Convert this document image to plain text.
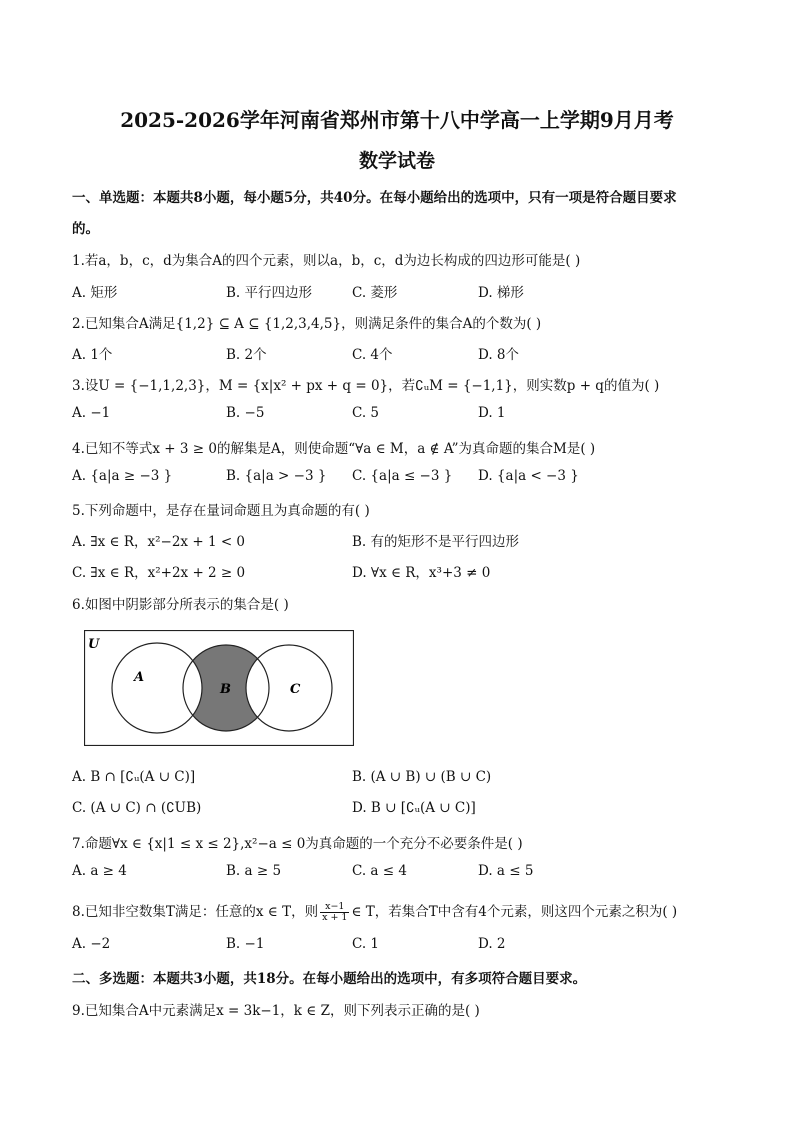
2025-2026学年河南省郑州市第十八中学高一上学期9月月考
数学试卷
一、单选题：本题共8小题，每小题5分，共40分。在每小题给出的选项中，只有一项是符合题目要求
的。
1.若a，b，c，d为集合A的四个元素，则以a，b，c，d为边长构成的四边形可能是( )
A. 矩形	B. 平行四边形	C. 菱形	D. 梯形
2.已知集合A满足{1,2} ⊆ A ⊆ {1,2,3,4,5}，则满足条件的集合A的个数为( )
A. 1个	B. 2个	C. 4个	D. 8个
3.设U = {−1,1,2,3}，M = {x|x² + px + q = 0}，若∁ᵤM = {−1,1}，则实数p + q的值为( )
A. −1	B. −5	C. 5	D. 1
4.已知不等式x + 3 ≥ 0的解集是A，则使命题“∀a ∈ M，a ∉ A”为真命题的集合M是( )
A. {a|a ≥ −3 }	B. {a|a > −3 } C. {a|a ≤ −3 } D. {a|a < −3 }
5.下列命题中，是存在量词命题且为真命题的有( )
A. ∃x ∈ R，x²−2x + 1 < 0	B. 有的矩形不是平行四边形
C. ∃x ∈ R，x²+2x + 2 ≥ 0	D. ∀x ∈ R，x³+3 ≠ 0
6.如图中阴影部分所表示的集合是( )
U
A
B	C
A. B ∩ [∁ᵤ(A ∪ C)]	B. (A ∪ B) ∪ (B ∪ C)
C. (A ∪ C) ∩ (∁UB)	D. B ∪ [∁ᵤ(A ∪ C)]
7.命题∀x ∈ {x|1 ≤ x ≤ 2},x²−a ≤ 0为真命题的一个充分不必要条件是( )
A. a ≥ 4	B. a ≥ 5	C. a ≤ 4	D. a ≤ 5
8.已知非空数集T满足：任意的x ∈ T，则 $\frac{x-1}{x + 1}$ ∈ T，若集合T中含有4个元素，则这四个元素之积为( )
A. −2	B. −1	C. 1	D. 2
二、多选题：本题共3小题，共18分。在每小题给出的选项中，有多项符合题目要求。
9.已知集合A中元素满足x = 3k−1，k ∈ Z，则下列表示正确的是( )
